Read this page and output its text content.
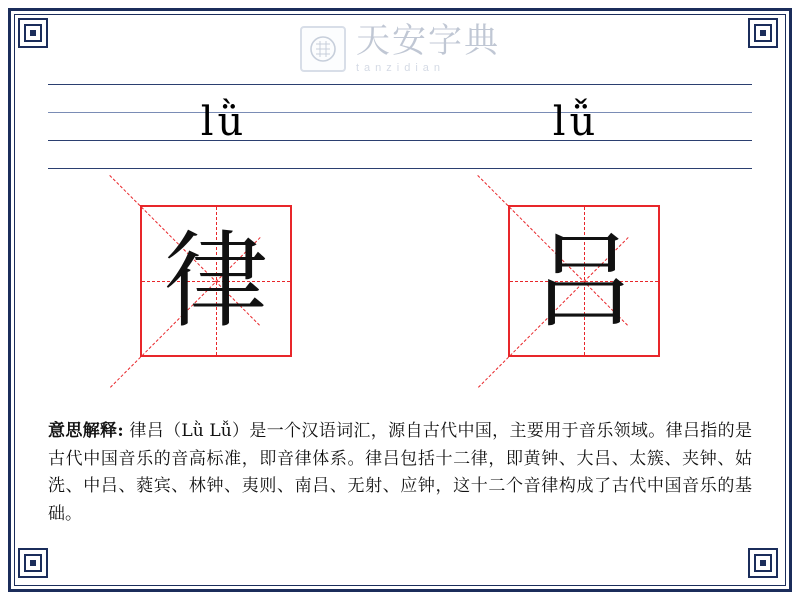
天安字典
tanzidian
lǜ	lǚ
律	吕
意思解释: 律吕（Lǜ Lǚ）是一个汉语词汇，源自古代中国，主要用于音乐领域。律吕指的是古代中国音乐的音高标准，即音律体系。律吕包括十二律，即黄钟、大吕、太簇、夹钟、姑洗、中吕、蕤宾、林钟、夷则、南吕、无射、应钟，这十二个音律构成了古代中国音乐的基础。
